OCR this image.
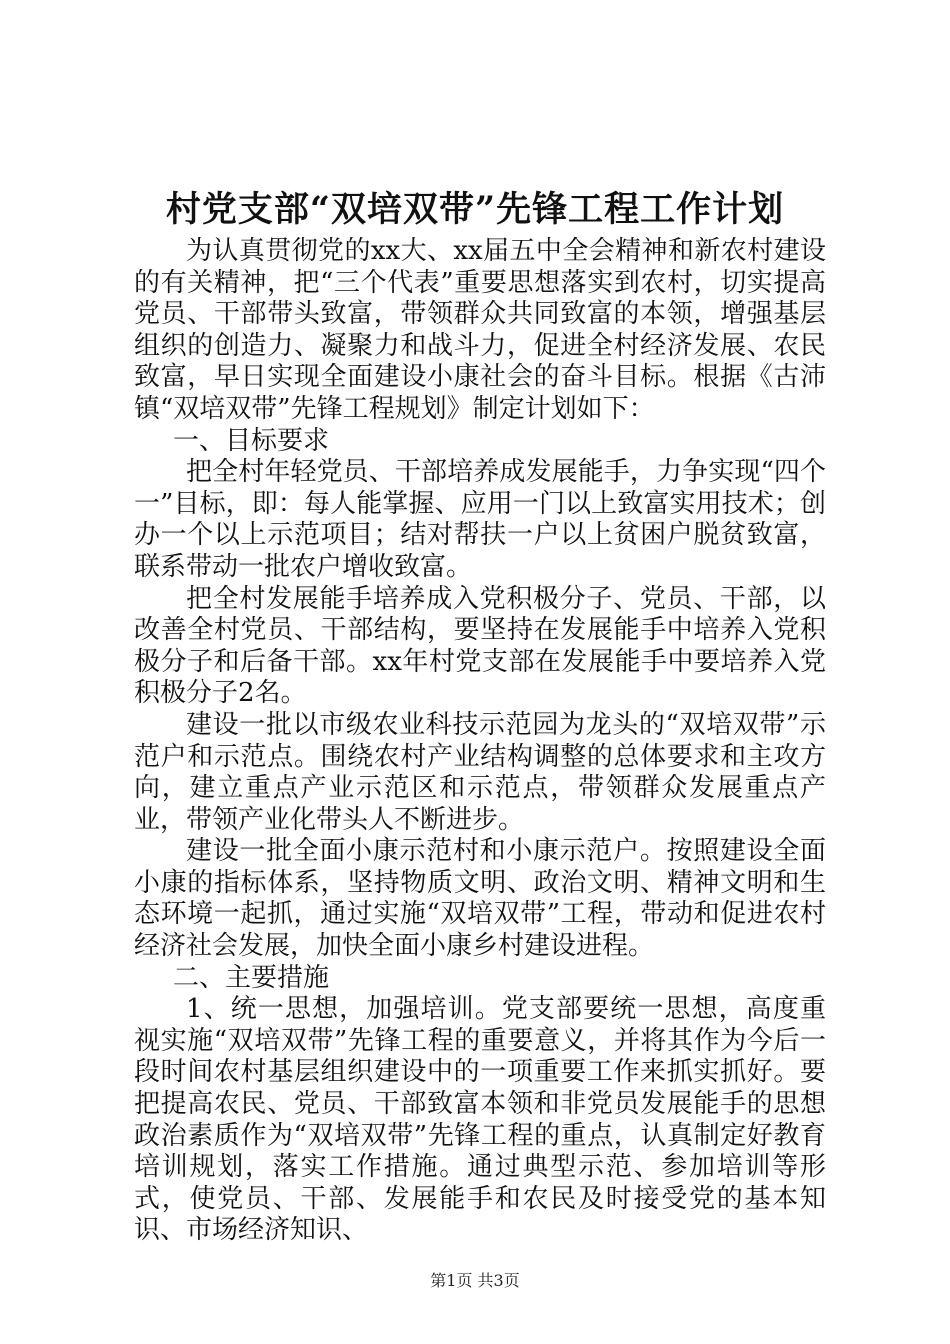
村党支部“双培双带”先锋工程工作计划

为认真贯彻党的xx大、xx届五中全会精神和新农村建设的有关精神，把“三个代表”重要思想落实到农村，切实提高党员、干部带头致富，带领群众共同致富的本领，增强基层组织的创造力、凝聚力和战斗力，促进全村经济发展、农民致富，早日实现全面建设小康社会的奋斗目标。根据《古沛镇“双培双带”先锋工程规划》制定计划如下：

一、目标要求

把全村年轻党员、干部培养成发展能手，力争实现“四个一”目标，即：每人能掌握、应用一门以上致富实用技术；创办一个以上示范项目；结对帮扶一户以上贫困户脱贫致富，联系带动一批农户增收致富。

把全村发展能手培养成入党积极分子、党员、干部，以改善全村党员、干部结构，要坚持在发展能手中培养入党积极分子和后备干部。xx年村党支部在发展能手中要培养入党积极分子2名。

建设一批以市级农业科技示范园为龙头的“双培双带”示范户和示范点。围绕农村产业结构调整的总体要求和主攻方向，建立重点产业示范区和示范点，带领群众发展重点产业，带领产业化带头人不断进步。

建设一批全面小康示范村和小康示范户。按照建设全面小康的指标体系，坚持物质文明、政治文明、精神文明和生态环境一起抓，通过实施“双培双带”工程，带动和促进农村经济社会发展，加快全面小康乡村建设进程。

二、主要措施

1、统一思想，加强培训。党支部要统一思想，高度重视实施“双培双带”先锋工程的重要意义，并将其作为今后一段时间农村基层组织建设中的一项重要工作来抓实抓好。要把提高农民、党员、干部致富本领和非党员发展能手的思想政治素质作为“双培双带”先锋工程的重点，认真制定好教育培训规划，落实工作措施。通过典型示范、参加培训等形式，使党员、干部、发展能手和农民及时接受党的基本知识、市场经济知识、

第1页 共3页
